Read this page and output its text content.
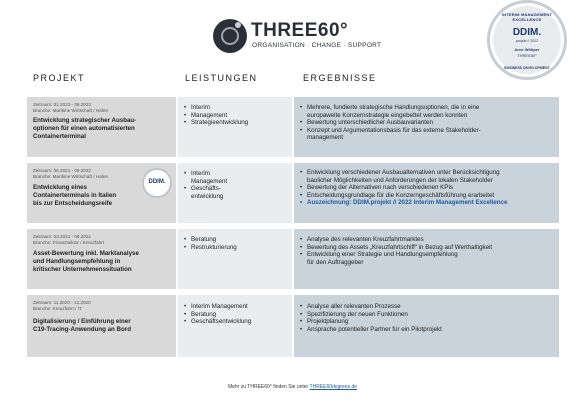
THREE60°
ORGANISATION · CHANGE · SUPPORT
INTERIM MANAGEMENT EXCELLENCE
DDIM.
projekt // 2022
Arne Wöllper
THREE60°
BUSINESS DEVELOPMENT
PROJEKT	LEISTUNGEN	ERGEBNISSE
Zeitraum: 01.2023 - 06.2023
Branche: Maritime Wirtschaft / Hafen
Entwicklung strategischer Ausbau-
optionen für einen automatisierten
Containerterminal
• Interim
• Management
• Strategieentwicklung
• Mehrere, fundierte strategische Handlungsoptionen, die in eine
europaweite Konzernstrategie eingebettet werden konnten
• Bewertung unterschiedlicher Ausbauvarianten
• Konzept und Argumentationsbasis für das externe Stakeholder-
management
Zeitraum: 06.2021 - 09.2022
Branche: Maritime Wirtschaft / Hafen
Entwicklung eines
Containerterminals in Italien
bis zur Entscheidungsreife
DDIM.
• Interim
Management
• Geschäfts-
entwicklung
• Entwicklung verschiedener Ausbaualternativen unter Berücksichtigung
baulicher Möglichkeiten und Anforderungen der lokalen Stakeholder
• Bewertung der Alternativen nach verschiedenen KPIs
• Entscheidungsgrundlage für die Konzerngeschäftsführung erarbeitet
• Auszeichnung: DDIM.projekt // 2022 Interim Management Excellence
Zeitraum: 03.2021 - 06.2021
Branche: Finanzsektor / Kreuzfahrt
Asset-Bewertung inkl. Marktanalyse
und Handlungsempfehlung in
kritischer Unternehmenssituation
• Beratung
• Restrukturierung
• Analyse des relevanten Kreuzfahrtmarktes
• Bewertung des Assets „Kreuzfahrtschiff“ in Bezug auf Werthaltigkeit
• Entwicklung einer Strategie und Handlungsempfehlung
für den Auftraggeber
Zeitraum: 11.2020 - 12.2020
Branche: Kreuzfahrt / IT
Digitalisierung / Einführung einer
C19-Tracing-Anwendung an Bord
• Interim Management
• Beratung
• Geschäftsentwicklung
• Analyse aller relevanten Prozesse
• Spezifizierung der neuen Funktionen
• Projektplanung
• Ansprache potentieller Partner für ein Pilotprojekt
Mehr zu THREE60° finden Sie unter THREE60degrees.de
